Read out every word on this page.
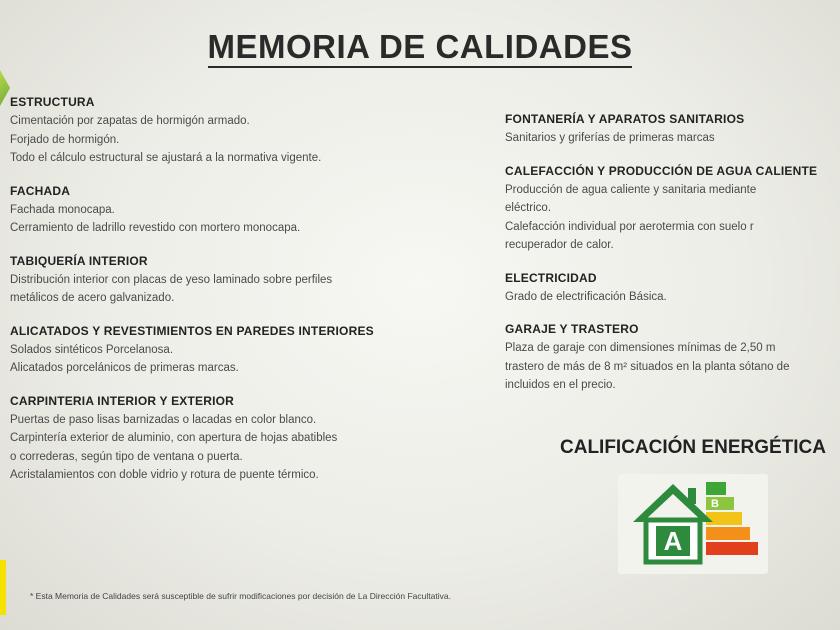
MEMORIA DE CALIDADES
ESTRUCTURA
Cimentación por zapatas de hormigón armado.
Forjado de hormigón.
Todo el cálculo estructural se ajustará a la normativa vigente.
FACHADA
Fachada monocapa.
Cerramiento de ladrillo revestido con mortero monocapa.
TABIQUERÍA INTERIOR
Distribución interior con placas de yeso laminado sobre perfiles
metálicos de acero galvanizado.
ALICATADOS Y REVESTIMIENTOS EN PAREDES INTERIORES
Solados sintéticos Porcelanosa.
Alicatados porcelánicos de primeras marcas.
CARPINTERIA INTERIOR Y EXTERIOR
Puertas de paso lisas barnizadas o lacadas en color blanco.
Carpintería exterior de aluminio, con apertura de hojas abatibles
o correderas, según tipo de ventana o puerta.
Acristalamientos con doble vidrio y rotura de puente térmico.
FONTANERÍA Y APARATOS SANITARIOS
Sanitarios y griferías de primeras marcas
CALEFACCIÓN Y PRODUCCIÓN DE AGUA CALIENTE
Producción de agua caliente y sanitaria mediante
eléctrico.
Calefacción individual por aerotermia con suelo r
recuperador de calor.
ELECTRICIDAD
Grado de electrificación Básica.
GARAJE Y TRASTERO
Plaza de garaje con dimensiones mínimas de 2,50 m
trastero de más de 8 m² situados en la planta sótano de
incluidos en el precio.
CALIFICACIÓN ENERGÉTICA
B
A
* Esta Memoria de Calidades será susceptible de sufrir modificaciones por decisión de La Dirección Facultativa.
